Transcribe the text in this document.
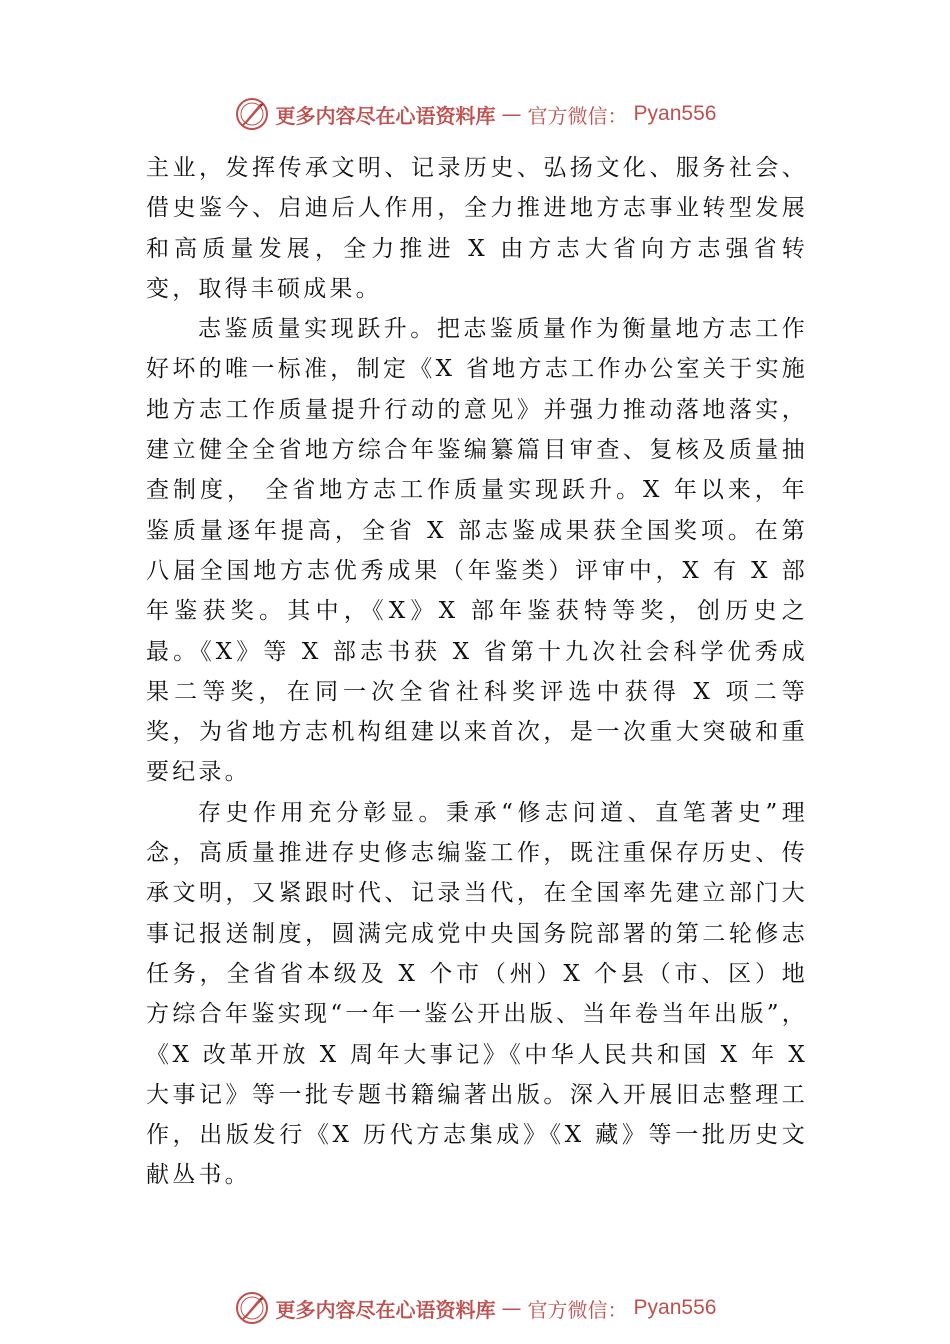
更多内容尽在心语资料库 — 官方微信： Pyan556

主业，发挥传承文明、记录历史、弘扬文化、服务社会、借史鉴今、启迪后人作用，全力推进地方志事业转型发展和高质量发展，全力推进 X 由方志大省向方志强省转变，取得丰硕成果。

志鉴质量实现跃升。把志鉴质量作为衡量地方志工作好坏的唯一标准，制定《X 省地方志工作办公室关于实施地方志工作质量提升行动的意见》并强力推动落地落实，建立健全全省地方综合年鉴编纂篇目审查、复核及质量抽查制度， 全省地方志工作质量实现跃升。X 年以来，年鉴质量逐年提高，全省 X 部志鉴成果获全国奖项。在第八届全国地方志优秀成果（年鉴类）评审中，X 有 X 部年鉴获奖。其中，《X》X 部年鉴获特等奖，创历史之最。《X》等 X 部志书获 X 省第十九次社会科学优秀成果二等奖，在同一次全省社科奖评选中获得 X 项二等奖，为省地方志机构组建以来首次，是一次重大突破和重要纪录。

存史作用充分彰显。秉承“修志问道、直笔著史”理念，高质量推进存史修志编鉴工作，既注重保存历史、传承文明，又紧跟时代、记录当代，在全国率先建立部门大事记报送制度，圆满完成党中央国务院部署的第二轮修志任务，全省省本级及 X 个市（州）X 个县（市、区）地方综合年鉴实现“一年一鉴公开出版、当年卷当年出版”，《X 改革开放 X 周年大事记》《中华人民共和国 X 年 X 大事记》等一批专题书籍编著出版。深入开展旧志整理工作，出版发行《X 历代方志集成》《X 藏》等一批历史文献丛书。

更多内容尽在心语资料库 — 官方微信： Pyan556
